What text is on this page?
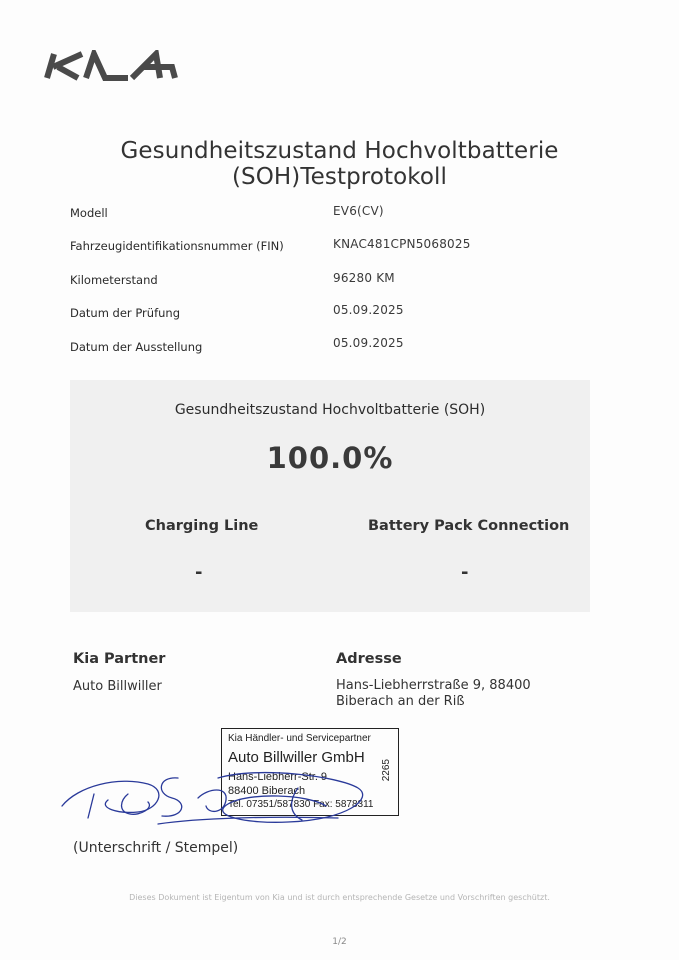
Gesundheitszustand Hochvoltbatterie
(SOH)Testprotokoll
Modell	EV6(CV)
Fahrzeugidentifikationsnummer (FIN)	KNAC481CPN5068025
Kilometerstand	96280 KM
Datum der Prüfung	05.09.2025
Datum der Ausstellung	05.09.2025
Gesundheitszustand Hochvoltbatterie (SOH)
100.0%
Charging Line
-
Battery Pack Connection
-
Kia Partner
Auto Billwiller
Adresse
Hans-Liebherrstraße 9, 88400
Biberach an der Riß
Kia Händler- und Servicepartner
Auto Billwiller GmbH
Hans-Liebherr-Str. 9
88400 Biberach
Tel. 07351/587830 Fax: 5878311
2265
(Unterschrift / Stempel)
Dieses Dokument ist Eigentum von Kia und ist durch entsprechende Gesetze und Vorschriften geschützt.
1/2
